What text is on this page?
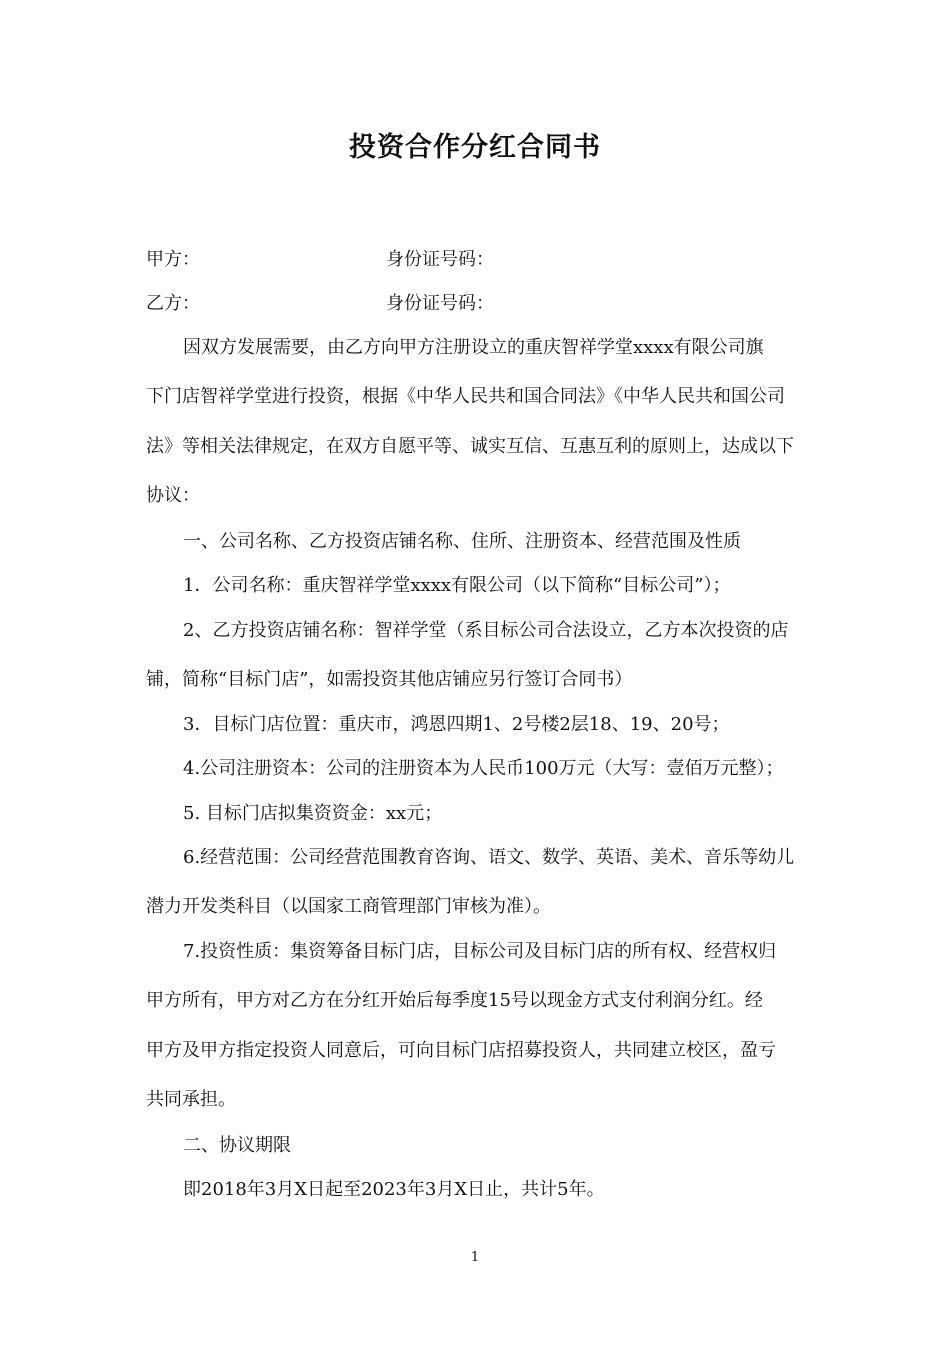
投资合作分红合同书
甲方：	身份证号码：
乙方：	身份证号码：
因双方发展需要，由乙方向甲方注册设立的重庆智祥学堂xxxx有限公司旗
下门店智祥学堂进行投资，根据《中华人民共和国合同法》《中华人民共和国公司
法》等相关法律规定，在双方自愿平等、诚实互信、互惠互利的原则上，达成以下
协议：
一、公司名称、乙方投资店铺名称、住所、注册资本、经营范围及性质
1．公司名称：重庆智祥学堂xxxx有限公司（以下简称“目标公司”）；
2、乙方投资店铺名称：智祥学堂（系目标公司合法设立，乙方本次投资的店
铺，简称“目标门店”，如需投资其他店铺应另行签订合同书）
3．目标门店位置：重庆市，鸿恩四期1、2号楼2层18、19、20号；
4.公司注册资本：公司的注册资本为人民币100万元（大写：壹佰万元整）；
5. 目标门店拟集资资金：xx元；
6.经营范围：公司经营范围教育咨询、语文、数学、英语、美术、音乐等幼儿
潜力开发类科目（以国家工商管理部门审核为准）。
7.投资性质：集资筹备目标门店，目标公司及目标门店的所有权、经营权归
甲方所有，甲方对乙方在分红开始后每季度15号以现金方式支付利润分红。经
甲方及甲方指定投资人同意后，可向目标门店招募投资人，共同建立校区，盈亏
共同承担。
二、协议期限
即2018年3月X日起至2023年3月X日止，共计5年。
1
